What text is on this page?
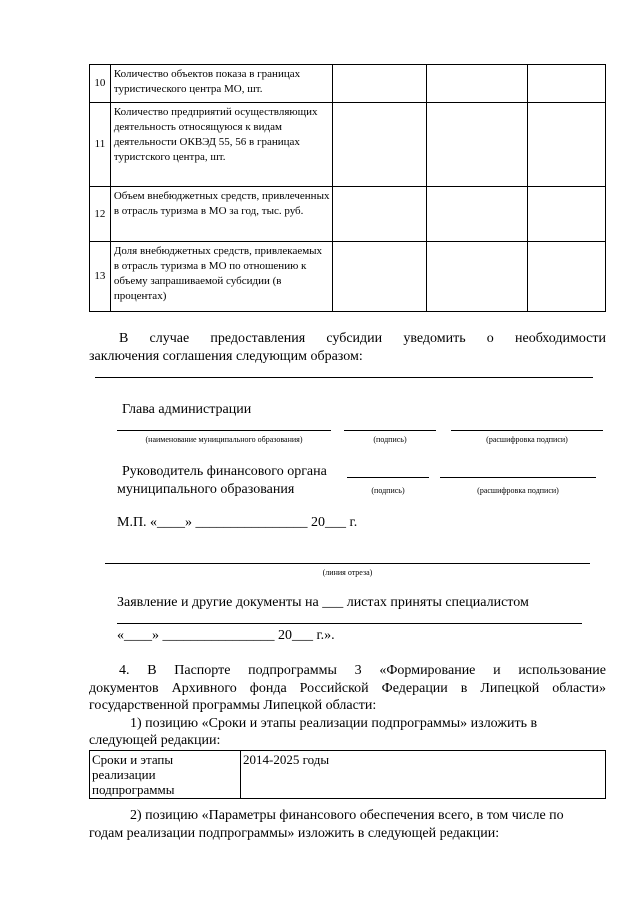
10	Количество объектов показа в границах туристического центра МО, шт.			
11	Количество предприятий осуществляющих деятельность относящуюся к видам деятельности ОКВЭД 55, 56 в границах туристского центра, шт.			
12	Объем внебюджетных средств, привлеченных в отрасль туризма в МО за год, тыс. руб.			
13	Доля внебюджетных средств, привлекаемых в отрасль туризма в МО по отношению к объему запрашиваемой субсидии (в процентах)			
В случае предоставления субсидии уведомить о необходимости
заключения соглашения следующим образом:
Глава администрации
(наименование муниципального образования)	(подпись)	(расшифровка подписи)
Руководитель финансового органа
муниципального образования	(подпись)	(расшифровка подписи)
М.П. «____» ________________ 20___ г.
(линия отреза)
Заявление и другие документы на ___ листах приняты специалистом
«____» ________________ 20___ г.».
4. В Паспорте подпрограммы 3 «Формирование и использование
документов Архивного фонда Российской Федерации в Липецкой области»
государственной программы Липецкой области:
1) позицию «Сроки и этапы реализации подпрограммы» изложить в
следующей редакции:
Сроки и этапы реализации подпрограммы	2014-2025 годы
2) позицию «Параметры финансового обеспечения всего, в том числе по
годам реализации подпрограммы» изложить в следующей редакции:
